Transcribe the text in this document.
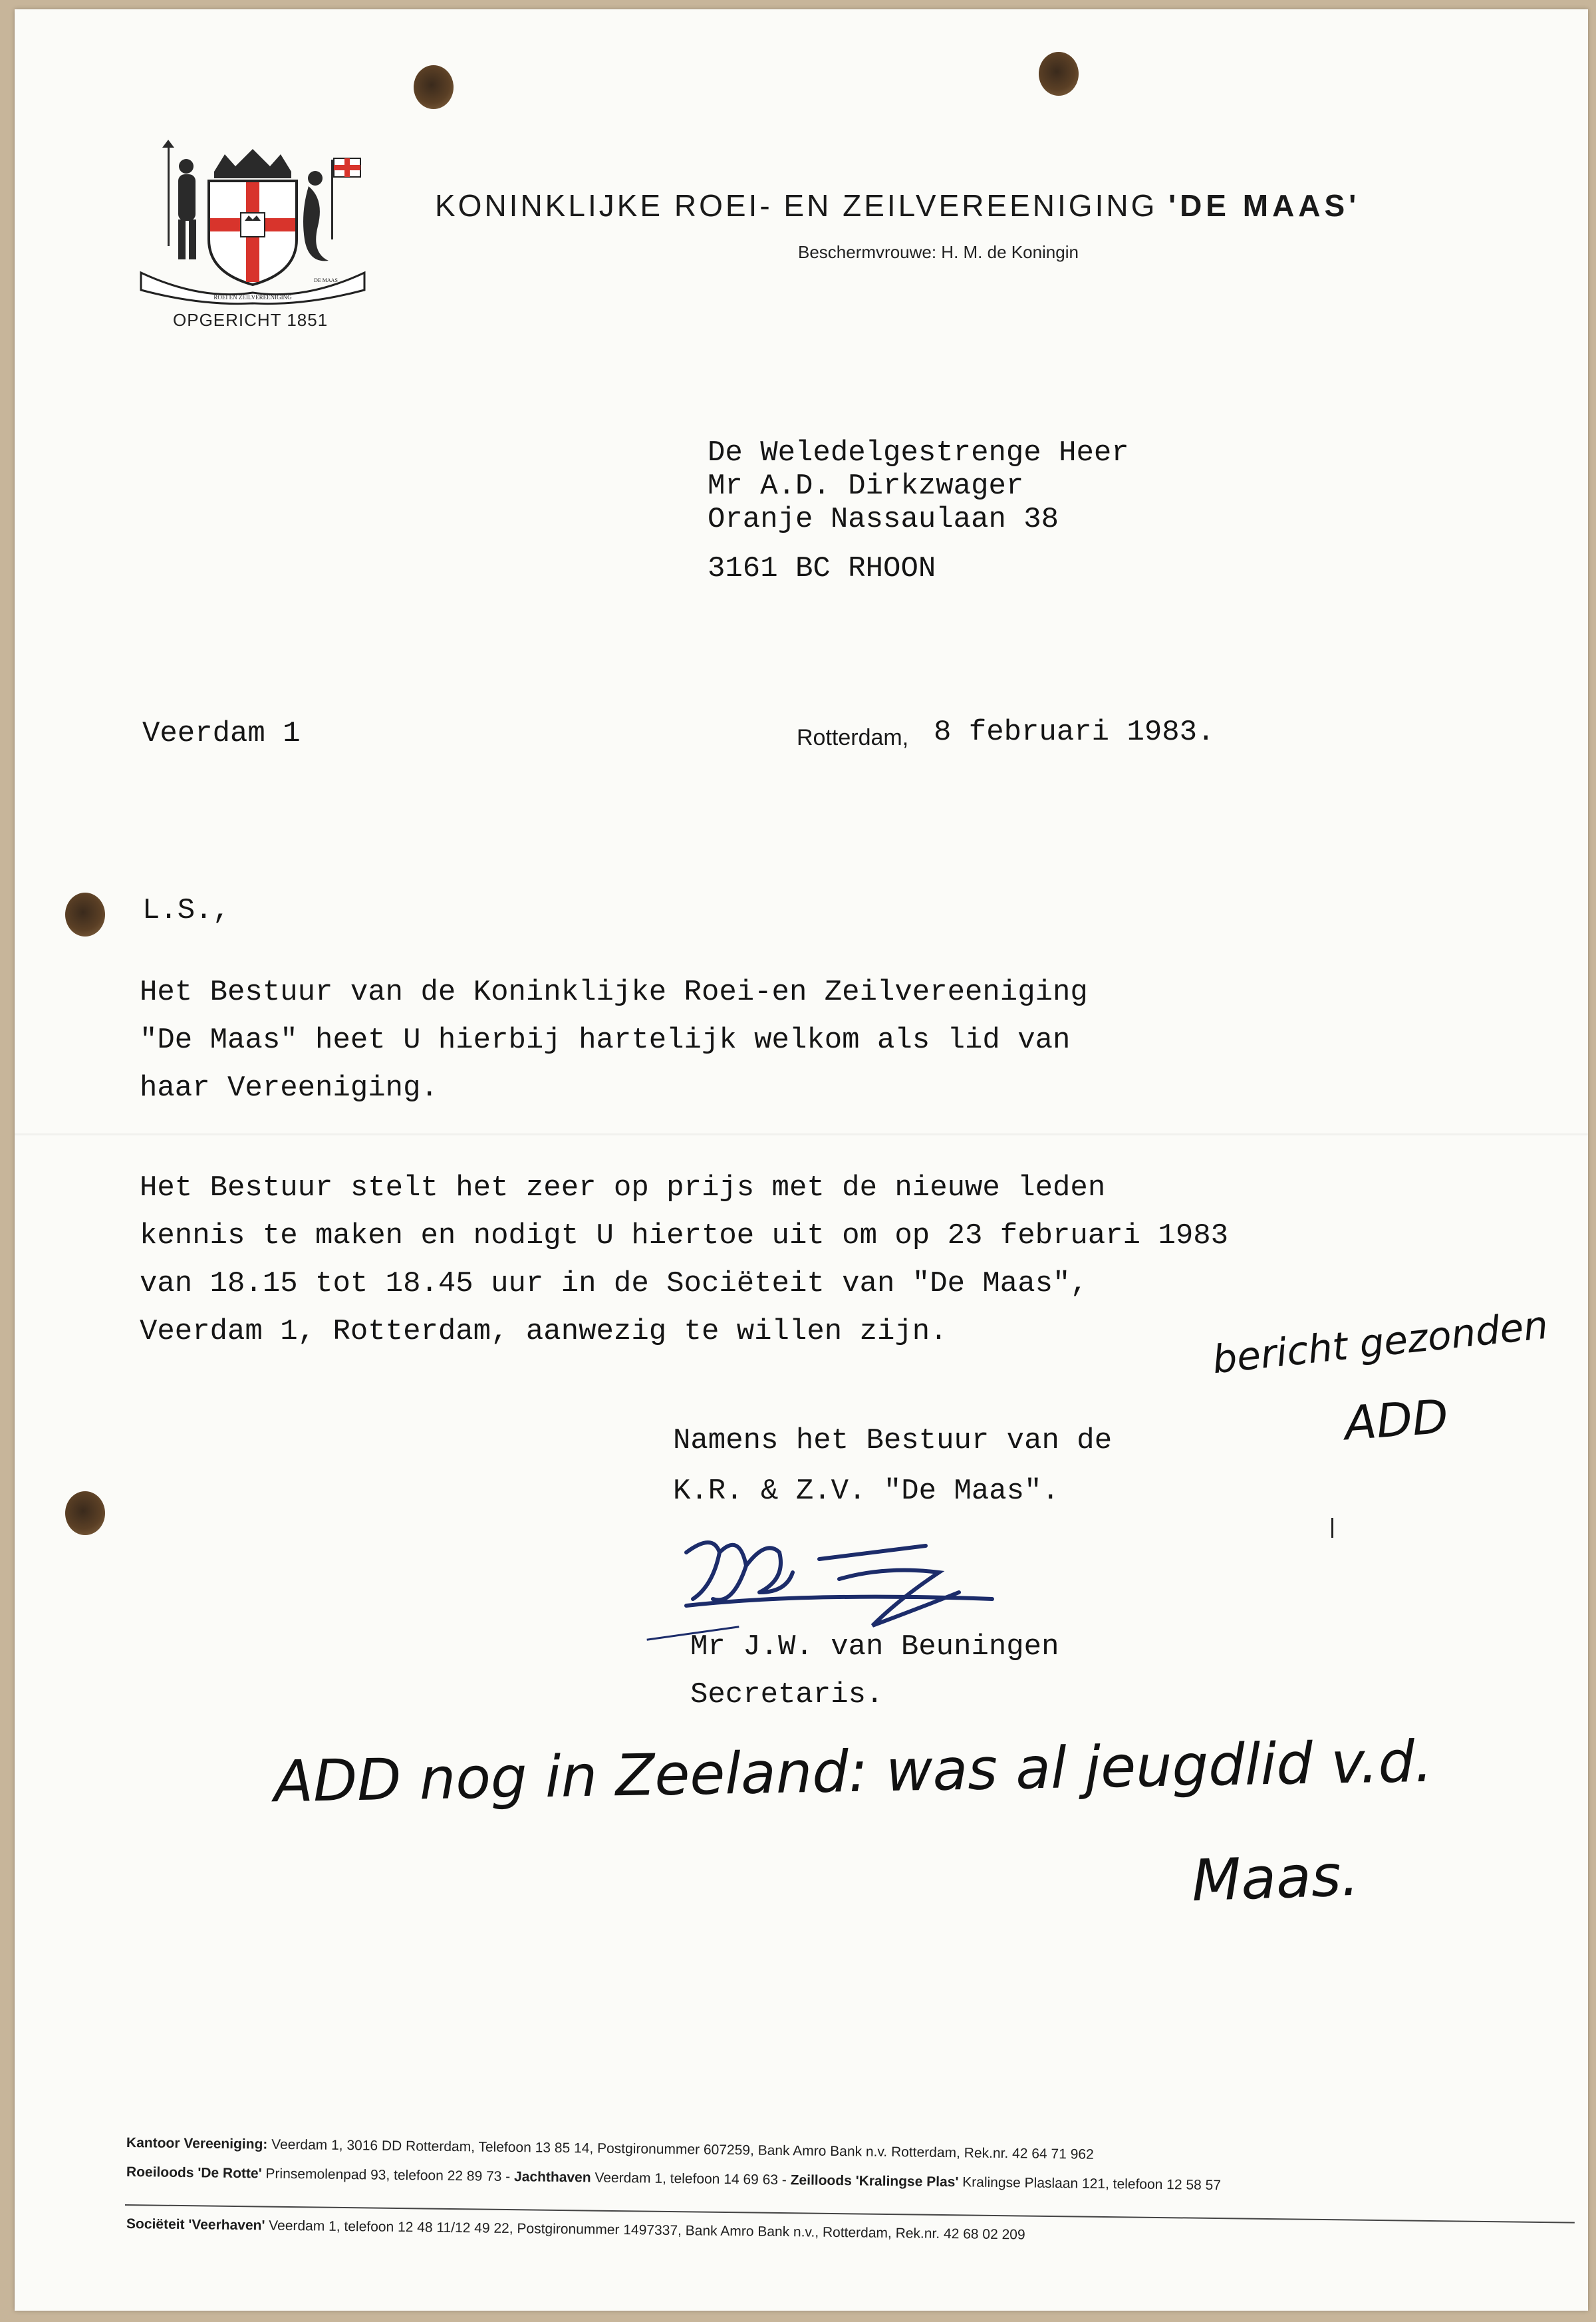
ROEI EN ZEILVEREENIGING
DE MAAS
OPGERICHT 1851
KONINKLIJKE ROEI- EN ZEILVEREENIGING 'DE MAAS'
Beschermvrouwe: H. M. de Koningin
De Weledelgestrenge Heer
Mr A.D. Dirkzwager
Oranje Nassaulaan 38
3161 BC RHOON
Veerdam 1	Rotterdam, 8 februari 1983.
L.S.,
Het Bestuur van de Koninklijke Roei-en Zeilvereeniging
"De Maas" heet U hierbij hartelijk welkom als lid van
haar Vereeniging.
Het Bestuur stelt het zeer op prijs met de nieuwe leden
kennis te maken en nodigt U hiertoe uit om op 23 februari 1983
van 18.15 tot 18.45 uur in de Sociëteit van "De Maas",
Veerdam 1, Rotterdam, aanwezig te willen zijn.
Namens het Bestuur van de
K.R. & Z.V. "De Maas".
Mr J.W. van Beuningen
Secretaris.
bericht gezonden
ADD
ADD nog in Zeeland: was al jeugdlid v.d.
Maas.
Kantoor Vereeniging: Veerdam 1, 3016 DD Rotterdam, Telefoon 13 85 14, Postgironummer 607259, Bank Amro Bank n.v. Rotterdam, Rek.nr. 42 64 71 962
Roeiloods 'De Rotte' Prinsemolenpad 93, telefoon 22 89 73 - Jachthaven Veerdam 1, telefoon 14 69 63 - Zeilloods 'Kralingse Plas' Kralingse Plaslaan 121, telefoon 12 58 57
Sociëteit 'Veerhaven' Veerdam 1, telefoon 12 48 11/12 49 22, Postgironummer 1497337, Bank Amro Bank n.v., Rotterdam, Rek.nr. 42 68 02 209
